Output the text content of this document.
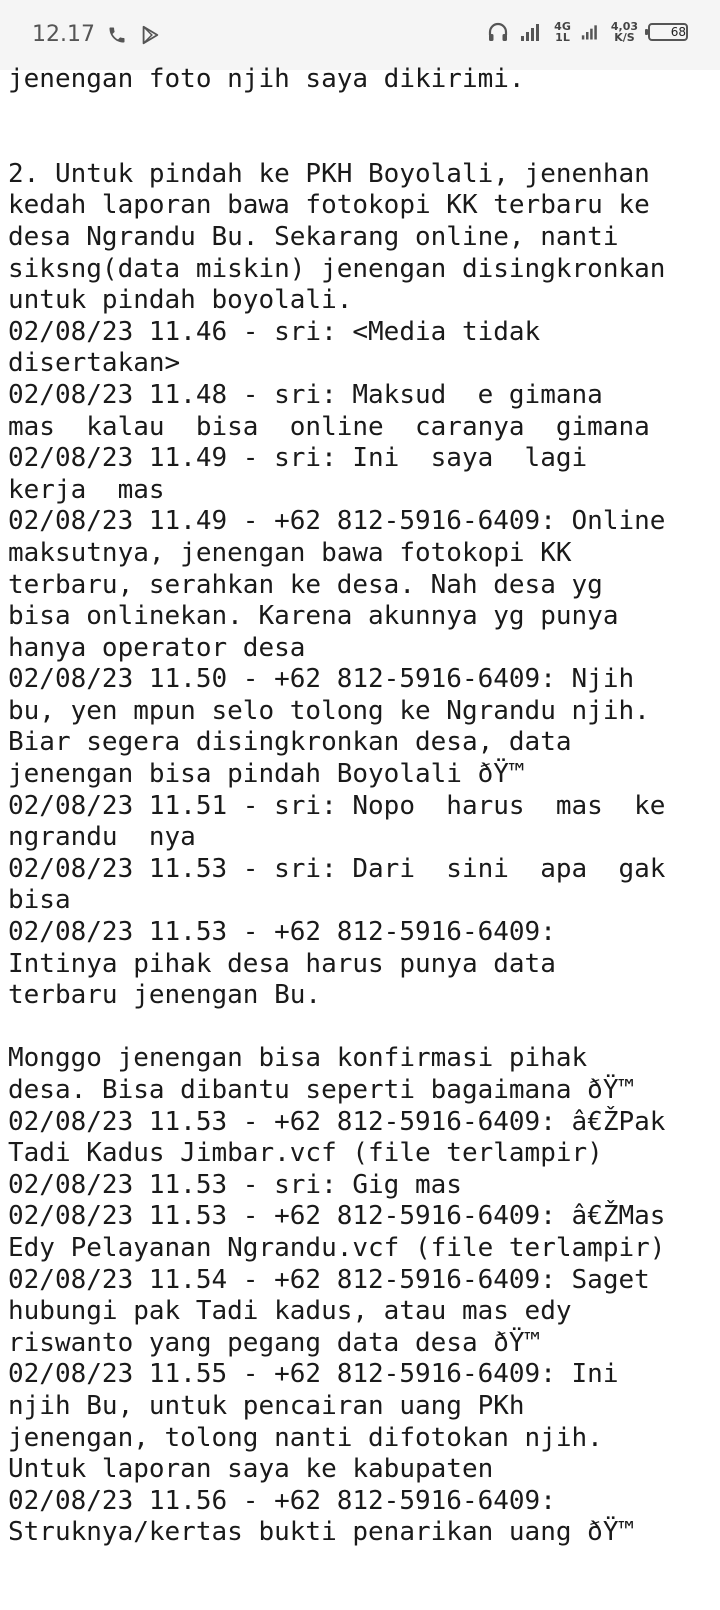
12.17	4G
1L
4,03
K/S	68
jenengan foto njih saya dikirimi.
2. Untuk pindah ke PKH Boyolali, jenenhan
kedah laporan bawa fotokopi KK terbaru ke
desa Ngrandu Bu. Sekarang online, nanti
siksng(data miskin) jenengan disingkronkan
untuk pindah boyolali.
02/08/23 11.46 - sri: <Media tidak
disertakan>
02/08/23 11.48 - sri: Maksud  e gimana
mas  kalau  bisa  online  caranya  gimana
02/08/23 11.49 - sri: Ini  saya  lagi
kerja  mas
02/08/23 11.49 - +62 812-5916-6409: Online
maksutnya, jenengan bawa fotokopi KK
terbaru, serahkan ke desa. Nah desa yg
bisa onlinekan. Karena akunnya yg punya
hanya operator desa
02/08/23 11.50 - +62 812-5916-6409: Njih
bu, yen mpun selo tolong ke Ngrandu njih.
Biar segera disingkronkan desa, data
jenengan bisa pindah Boyolali ðŸ™
02/08/23 11.51 - sri: Nopo  harus  mas  ke
ngrandu  nya
02/08/23 11.53 - sri: Dari  sini  apa  gak
bisa
02/08/23 11.53 - +62 812-5916-6409:
Intinya pihak desa harus punya data
terbaru jenengan Bu.
Monggo jenengan bisa konfirmasi pihak
desa. Bisa dibantu seperti bagaimana ðŸ™
02/08/23 11.53 - +62 812-5916-6409: â€ŽPak
Tadi Kadus Jimbar.vcf (file terlampir)
02/08/23 11.53 - sri: Gig mas
02/08/23 11.53 - +62 812-5916-6409: â€ŽMas
Edy Pelayanan Ngrandu.vcf (file terlampir)
02/08/23 11.54 - +62 812-5916-6409: Saget
hubungi pak Tadi kadus, atau mas edy
riswanto yang pegang data desa ðŸ™
02/08/23 11.55 - +62 812-5916-6409: Ini
njih Bu, untuk pencairan uang PKh
jenengan, tolong nanti difotokan njih.
Untuk laporan saya ke kabupaten
02/08/23 11.56 - +62 812-5916-6409:
Struknya/kertas bukti penarikan uang ðŸ™
